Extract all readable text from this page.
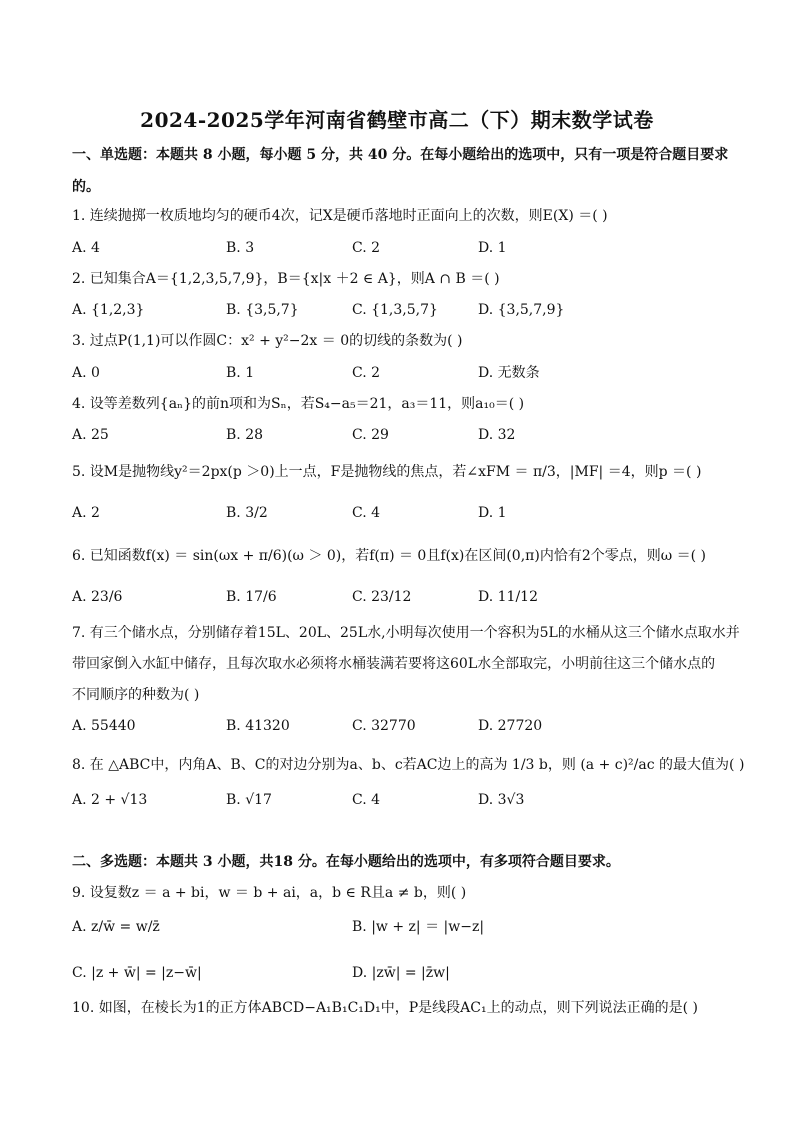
2024-2025学年河南省鹤壁市高二（下）期末数学试卷
一、单选题：本题共 8 小题，每小题 5 分，共 40 分。在每小题给出的选项中，只有一项是符合题目要求
的。
1. 连续抛掷一枚质地均匀的硬币4次，记X是硬币落地时正面向上的次数，则E(X) ＝( )
A. 4	B. 3	C. 2	D. 1
2. 已知集合A＝{1,2,3,5,7,9}，B＝{x|x ＋2 ∈ A}，则A ∩ B ＝( )
A. {1,2,3}	B. {3,5,7}	C. {1,3,5,7}	D. {3,5,7,9}
3. 过点P(1,1)可以作圆C：x² + y²−2x ＝ 0的切线的条数为( )
A. 0	B. 1	C. 2	D. 无数条
4. 设等差数列{aₙ}的前n项和为Sₙ，若S₄−a₅＝21，a₃＝11，则a₁₀＝( )
A. 25	B. 28	C. 29	D. 32
5. 设M是抛物线y²＝2px(p ＞0)上一点，F是抛物线的焦点，若∠xFM ＝ π/3，|MF| ＝4，则p ＝( )
A. 2	B. 3/2	C. 4	D. 1
6. 已知函数f(x) ＝ sin(ωx + π/6)(ω ＞ 0)，若f(π) ＝ 0且f(x)在区间(0,π)内恰有2个零点，则ω ＝( )
A. 23/6	B. 17/6	C. 23/12	D. 11/12
7. 有三个储水点，分别储存着15L、20L、25L水,小明每次使用一个容积为5L的水桶从这三个储水点取水并
带回家倒入水缸中储存，且每次取水必须将水桶装满若要将这60L水全部取完，小明前往这三个储水点的
不同顺序的种数为( )
A. 55440	B. 41320	C. 32770	D. 27720
8. 在 △ABC中，内角A、B、C的对边分别为a、b、c若AC边上的高为 1/3 b，则 (a + c)²/ac 的最大值为( )
A. 2 + √13	B. √17	C. 4	D. 3√3
二、多选题：本题共 3 小题，共18 分。在每小题给出的选项中，有多项符合题目要求。
9. 设复数z ＝ a + bi，w ＝ b + ai，a，b ∈ R且a ≠ b，则( )
A. z/w̄ = w/z̄	B. |w + z| ＝ |w−z|
C. |z + w̄| = |z−w̄|	D. |zw̄| = |z̄w|
10. 如图，在棱长为1的正方体ABCD−A₁B₁C₁D₁中，P是线段AC₁上的动点，则下列说法正确的是( )
